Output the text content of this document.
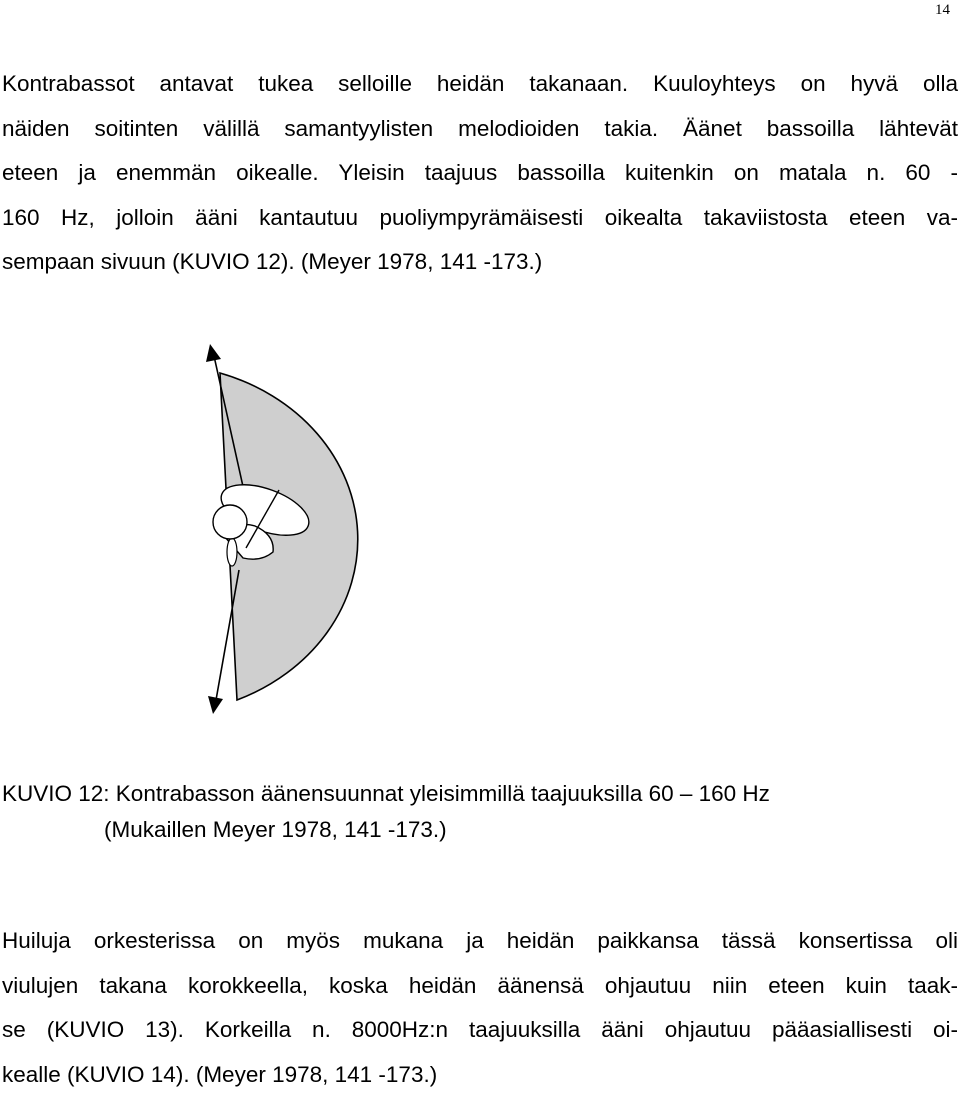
14
Kontrabassot antavat tukea selloille heidän takanaan. Kuuloyhteys on hyvä olla
näiden soitinten välillä samantyylisten melodioiden takia. Äänet bassoilla lähtevät
eteen ja enemmän oikealle. Yleisin taajuus bassoilla kuitenkin on matala n. 60 -
160 Hz, jolloin ääni kantautuu puoliympyrämäisesti oikealta takaviistosta eteen va-
sempaan sivuun (KUVIO 12). (Meyer 1978, 141 -173.)
KUVIO 12: Kontrabasson äänensuunnat yleisimmillä taajuuksilla 60 – 160 Hz
(Mukaillen Meyer 1978, 141 -173.)
Huiluja orkesterissa on myös mukana ja heidän paikkansa tässä konsertissa oli
viulujen takana korokkeella, koska heidän äänensä ohjautuu niin eteen kuin taak-
se (KUVIO 13). Korkeilla n. 8000Hz:n taajuuksilla ääni ohjautuu pääasiallisesti oi-
kealle (KUVIO 14). (Meyer 1978, 141 -173.)
